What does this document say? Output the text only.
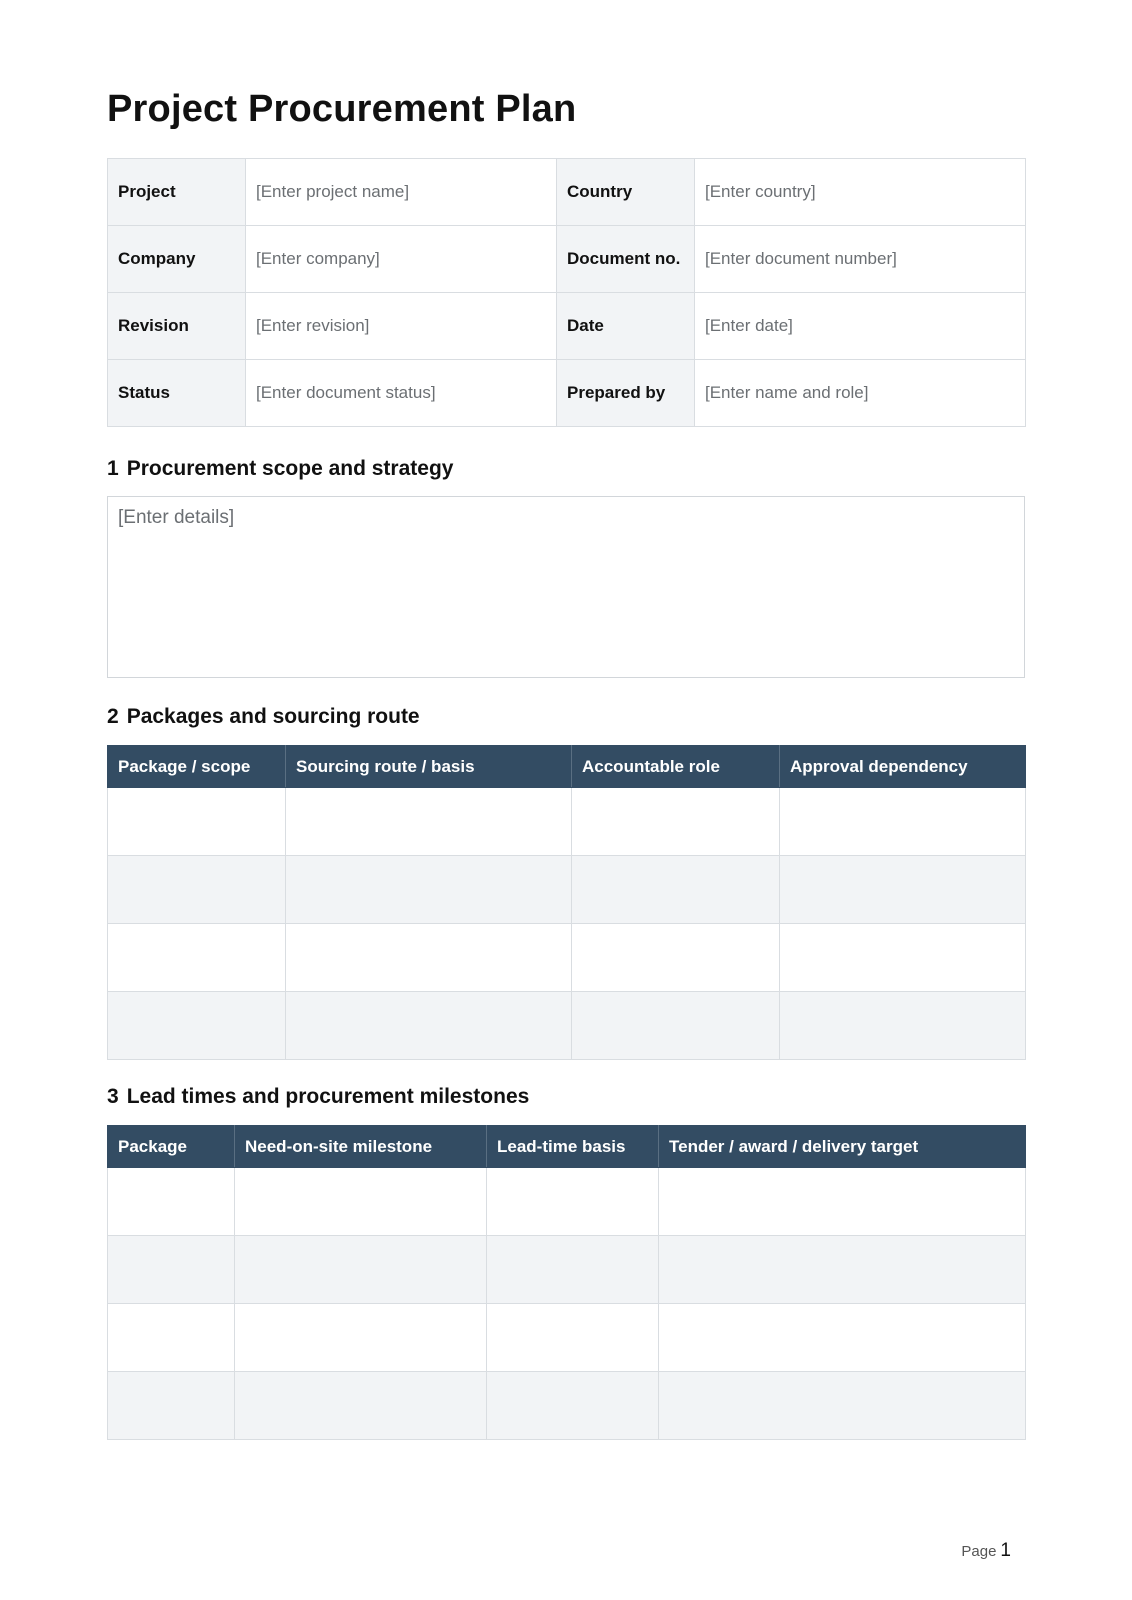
Project Procurement Plan
Project	[Enter project name]	Country	[Enter country]
Company	[Enter company]	Document no.	[Enter document number]
Revision	[Enter revision]	Date	[Enter date]
Status	[Enter document status]	Prepared by	[Enter name and role]
1 Procurement scope and strategy
[Enter details]
2 Packages and sourcing route
Package / scope	Sourcing route / basis	Accountable role	Approval dependency

3 Lead times and procurement milestones
Package	Need-on-site milestone	Lead-time basis	Tender / award / delivery target

Page 1
